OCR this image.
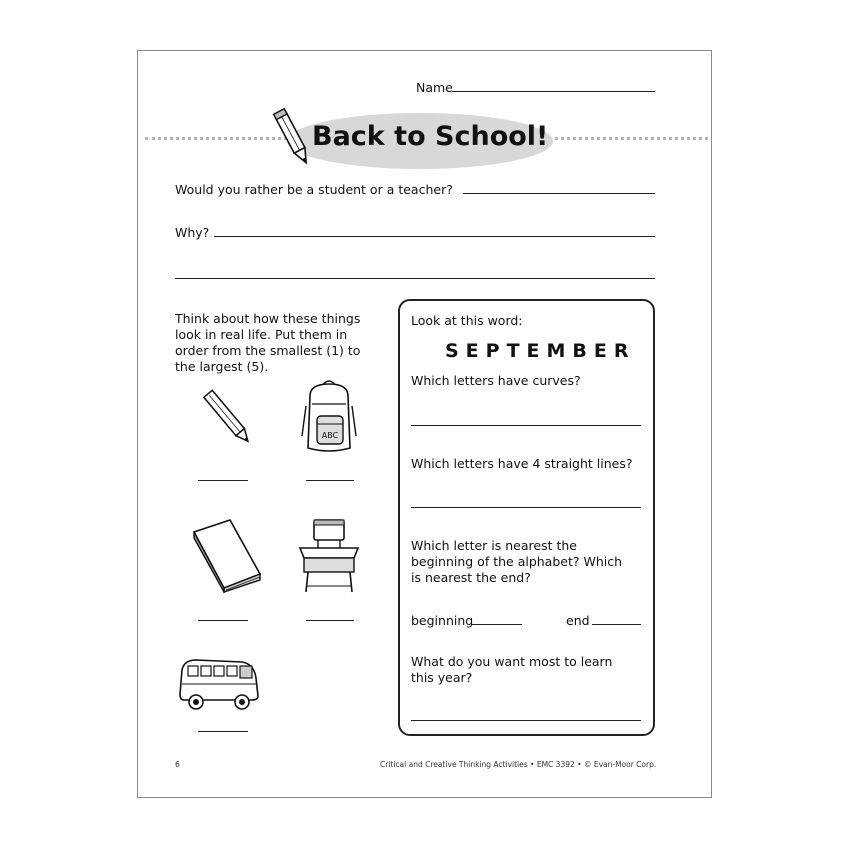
Name
Back to School!
Would you rather be a student or a teacher?
Why?
Think about how these things
look in real life. Put them in
order from the smallest (1) to
the largest (5).
ABC
Look at this word:
SEPTEMBER
Which letters have curves?
Which letters have 4 straight lines?
Which letter is nearest the
beginning of the alphabet? Which
is nearest the end?
beginning	end
What do you want most to learn
this year?
6	Critical and Creative Thinking Activities • EMC 3392 • © Evan-Moor Corp.
